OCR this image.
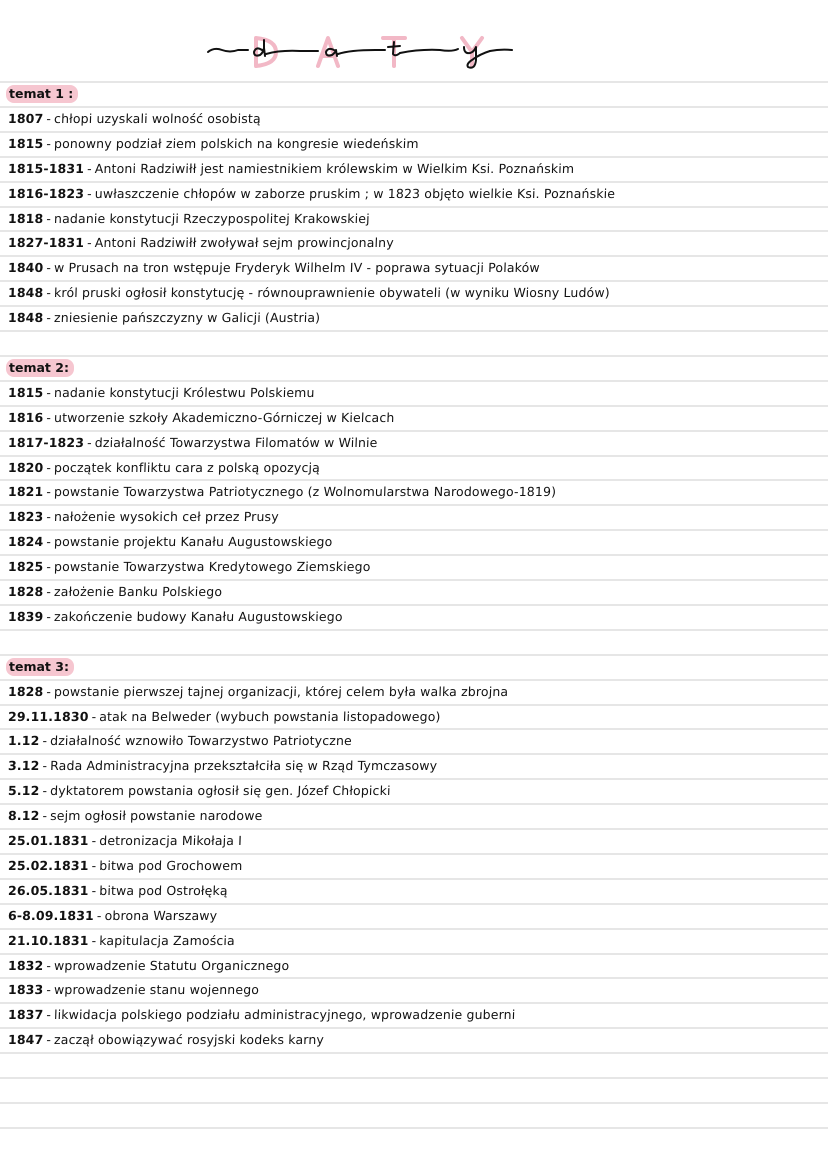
temat 1 :
1807 - chłopi uzyskali wolność osobistą
1815 - ponowny podział ziem polskich na kongresie wiedeńskim
1815-1831 - Antoni Radziwiłł jest namiestnikiem królewskim w Wielkim Ksi. Poznańskim
1816-1823 - uwłaszczenie chłopów w zaborze pruskim ; w 1823 objęto wielkie Ksi. Poznańskie
1818 - nadanie konstytucji Rzeczypospolitej Krakowskiej
1827-1831 - Antoni Radziwiłł zwoływał sejm prowincjonalny
1840 - w Prusach na tron wstępuje Fryderyk Wilhelm IV - poprawa sytuacji Polaków
1848 - król pruski ogłosił konstytucję - równouprawnienie obywateli (w wyniku Wiosny Ludów)
1848 - zniesienie pańszczyzny w Galicji (Austria)
temat 2:
1815 - nadanie konstytucji Królestwu Polskiemu
1816 - utworzenie szkoły Akademiczno-Górniczej w Kielcach
1817-1823 - działalność Towarzystwa Filomatów w Wilnie
1820 - początek konfliktu cara z polską opozycją
1821 - powstanie Towarzystwa Patriotycznego (z Wolnomularstwa Narodowego-1819)
1823 - nałożenie wysokich ceł przez Prusy
1824 - powstanie projektu Kanału Augustowskiego
1825 - powstanie Towarzystwa Kredytowego Ziemskiego
1828 - założenie Banku Polskiego
1839 - zakończenie budowy Kanału Augustowskiego
temat 3:
1828 - powstanie pierwszej tajnej organizacji, której celem była walka zbrojna
29.11.1830 - atak na Belweder (wybuch powstania listopadowego)
1.12 - działalność wznowiło Towarzystwo Patriotyczne
3.12 - Rada Administracyjna przekształciła się w Rząd Tymczasowy
5.12 - dyktatorem powstania ogłosił się gen. Józef Chłopicki
8.12 - sejm ogłosił powstanie narodowe
25.01.1831 - detronizacja Mikołaja I
25.02.1831 - bitwa pod Grochowem
26.05.1831 - bitwa pod Ostrołęką
6-8.09.1831 - obrona Warszawy
21.10.1831 - kapitulacja Zamościa
1832 - wprowadzenie Statutu Organicznego
1833 - wprowadzenie stanu wojennego
1837 - likwidacja polskiego podziału administracyjnego, wprowadzenie guberni
1847 - zaczął obowiązywać rosyjski kodeks karny
